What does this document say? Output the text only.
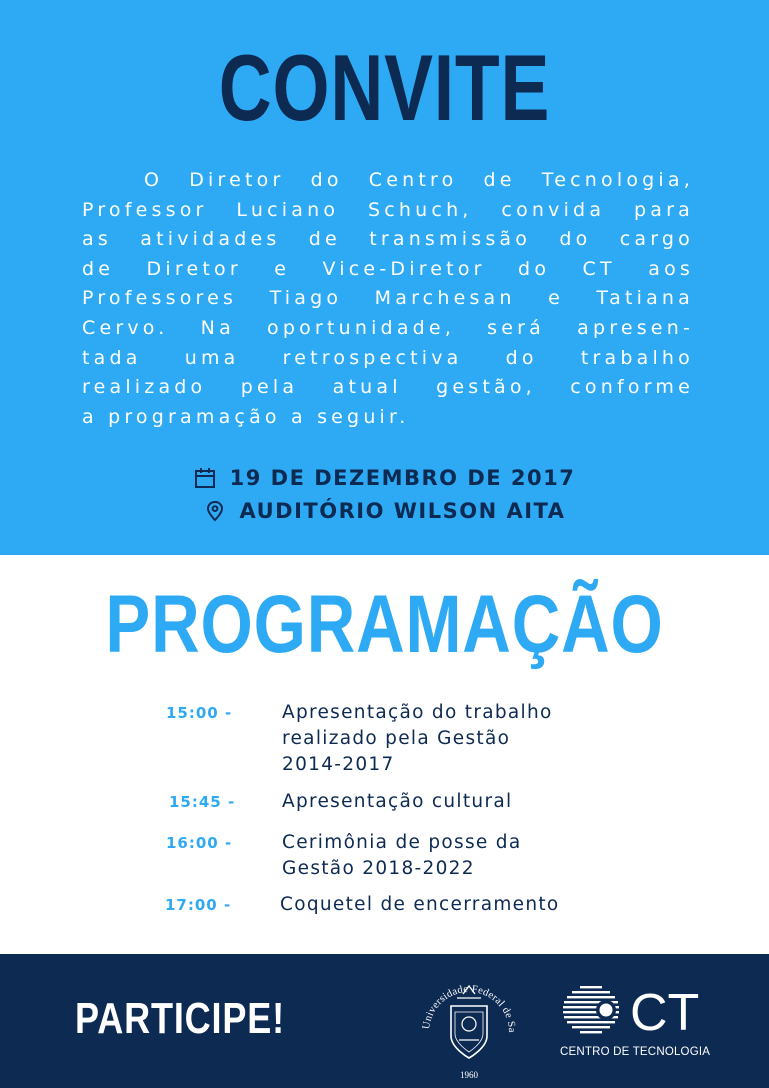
CONVITE
O Diretor do Centro de Tecnologia,
Professor Luciano Schuch, convida para
as atividades de transmissão do cargo
de Diretor e Vice-Diretor do CT aos
Professores Tiago Marchesan e Tatiana
Cervo. Na oportunidade, será apresen-
tada uma retrospectiva do trabalho
realizado pela atual gestão, conforme
a programação a seguir.
19 DE DEZEMBRO DE 2017
AUDITÓRIO WILSON AITA
PROGRAMAÇÃO
15:00 -	Apresentação do trabalho
realizado pela Gestão
2014-2017
15:45 -	Apresentação cultural
16:00 -	Cerimônia de posse da
Gestão 2018-2022
17:00 -	Coquetel de encerramento
PARTICIPE!	Universidade Federal de Sa
1960
CT
CENTRO DE TECNOLOGIA
